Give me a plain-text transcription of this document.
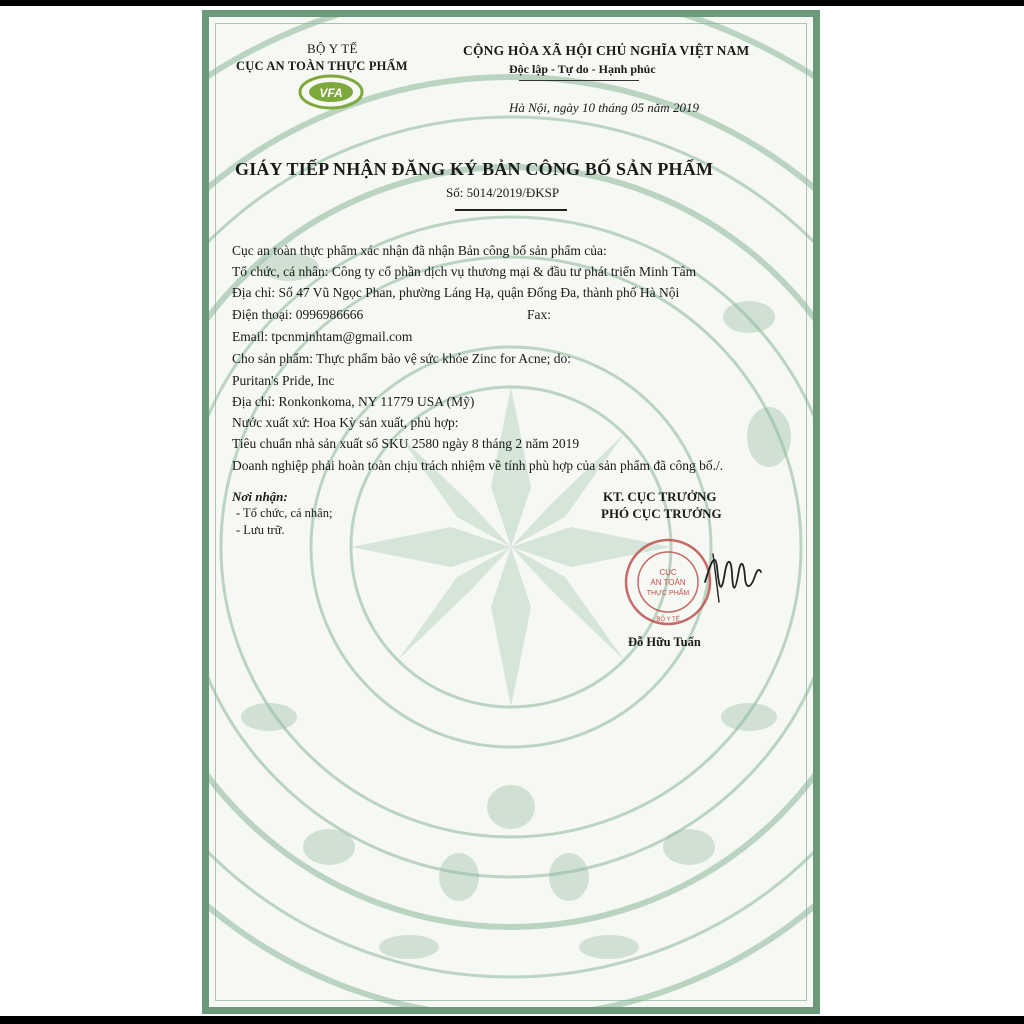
BỘ Y TẾ
CỤC AN TOÀN THỰC PHẨM
VFA
CỘNG HÒA XÃ HỘI CHỦ NGHĨA VIỆT NAM
Độc lập - Tự do - Hạnh phúc
Hà Nội, ngày 10 tháng 05 năm 2019
GIÁY TIẾP NHẬN ĐĂNG KÝ BẢN CÔNG BỐ SẢN PHẨM
Số: 5014/2019/ĐKSP
Cục an toàn thực phẩm xác nhận đã nhận Bản công bố sản phẩm của:
Tổ chức, cá nhân: Công ty cổ phần dịch vụ thương mại & đầu tư phát triển Minh Tâm
Địa chỉ: Số 47 Vũ Ngọc Phan, phường Láng Hạ, quận Đống Đa, thành phố Hà Nội
Điện thoại: 0996986666	Fax:
Email: tpcnminhtam@gmail.com
Cho sản phẩm: Thực phẩm bảo vệ sức khỏe Zinc for Acne; do:
Puritan's Pride, Inc
Địa chỉ: Ronkonkoma, NY 11779 USA (Mỹ)
Nước xuất xứ: Hoa Kỳ sản xuất, phù hợp:
Tiêu chuẩn nhà sản xuất số SKU 2580 ngày 8 tháng 2 năm 2019
Doanh nghiệp phải hoàn toàn chịu trách nhiệm về tính phù hợp của sản phẩm đã công bố./.
Nơi nhận:
- Tổ chức, cá nhân;
- Lưu trữ.
KT. CỤC TRƯỞNG
PHÓ CỤC TRƯỞNG
CỤC
AN TOÀN
THỰC PHẨM
BỘ Y TẾ
Đỗ Hữu Tuấn
